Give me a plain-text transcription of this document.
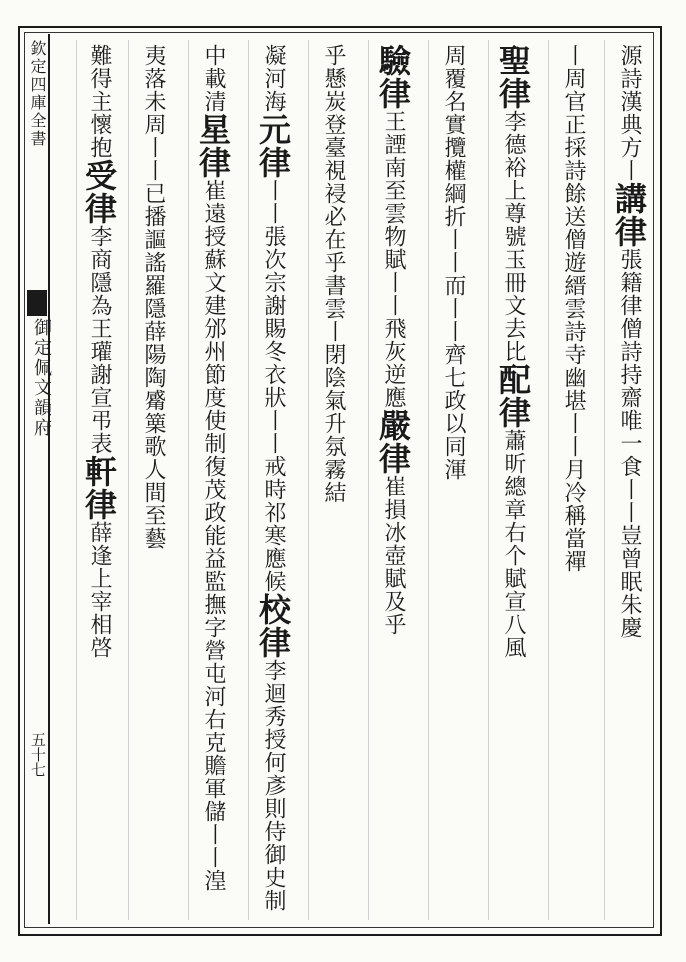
欽定四庫全書
御定佩文韻府
五十七
源詩漢典方丨講律張籍律僧詩持齋唯一食丨丨豈曾眠朱慶
丨周官正採詩餘送僧遊縉雲詩寺幽堪丨丨月冷稱當禪
聖律李德裕上尊號玉冊文去比配律蕭昕總章右个賦宣八風
周覆名實攬權綱折丨丨而丨丨齊七政以同渾
驗律王諲南至雲物賦丨丨飛灰逆應嚴律崔損冰壺賦及乎
乎懸炭登臺視祲必在乎書雲丨閉陰氣升氛霧結
凝河海元律丨丨張次宗謝賜冬衣狀丨丨戒時祁寒應候校律李迴秀授何彥則侍御史制
中載清星律崔遠授蘇文建邠州節度使制復茂政能益監撫字營屯河右克贍軍儲丨丨湟
夷落未周丨丨已播謳謠羅隱薛陽陶觱篥歌人間至藝
難得主懷抱受律李商隱為王瓘謝宣弔表軒律薛逢上宰相啓
